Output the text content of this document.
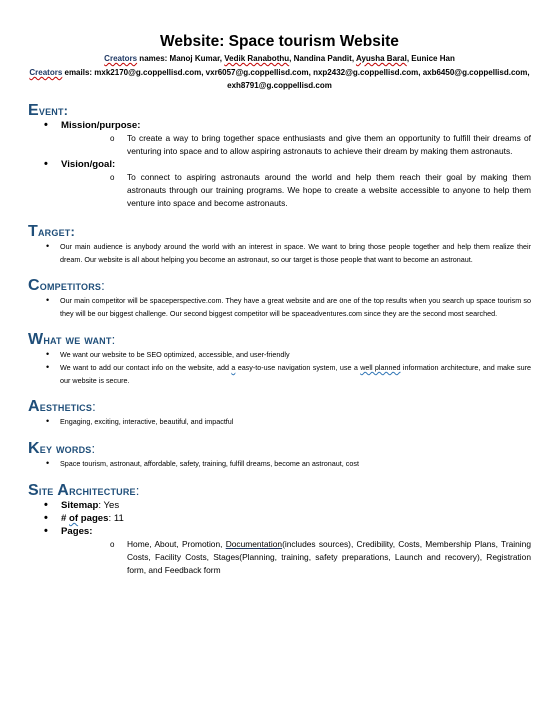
Website: Space tourism Website

Creators names: Manoj Kumar, Vedik Ranabothu, Nandina Pandit, Ayusha Baral, Eunice Han

Creators emails: mxk2170@g.coppellisd.com, vxr6057@g.coppellisd.com, nxp2432@g.coppellisd.com, axb6450@g.coppellisd.com,
exh8791@g.coppellisd.com

Event:
• Mission/purpose:
o To create a way to bring together space enthusiasts and give them an opportunity to fulfill their dreams of venturing into space and to allow aspiring astronauts to achieve their dream by making them astronauts.
• Vision/goal:
o To connect to aspiring astronauts around the world and help them reach their goal by making them astronauts through our training programs. We hope to create a website accessible to anyone to help them venture into space and become astronauts.
Target:
• Our main audience is anybody around the world with an interest in space. We want to bring those people together and help them realize their dream. Our website is all about helping you become an astronaut, so our target is those people that want to become an astronaut.
Competitors:
• Our main competitor will be spaceperspective.com. They have a great website and are one of the top results when you search up space tourism so they will be our biggest challenge. Our second biggest competitor will be spaceadventures.com since they are the second most searched.
What we want:
• We want our website to be SEO optimized, accessible, and user-friendly
• We want to add our contact info on the website, add a easy-to-use navigation system, use a well planned information architecture, and make sure our website is secure.
Aesthetics:
• Engaging, exciting, interactive, beautiful, and impactful
Key words:
• Space tourism, astronaut, affordable, safety, training, fulfill dreams, become an astronaut, cost
Site Architecture:
• Sitemap: Yes
• # of pages: 11
• Pages:
o Home, About, Promotion, Documentation(includes sources), Credibility, Costs, Membership Plans, Training Costs, Facility Costs, Stages(Planning, training, safety preparations, Launch and recovery), Registration form, and Feedback form
